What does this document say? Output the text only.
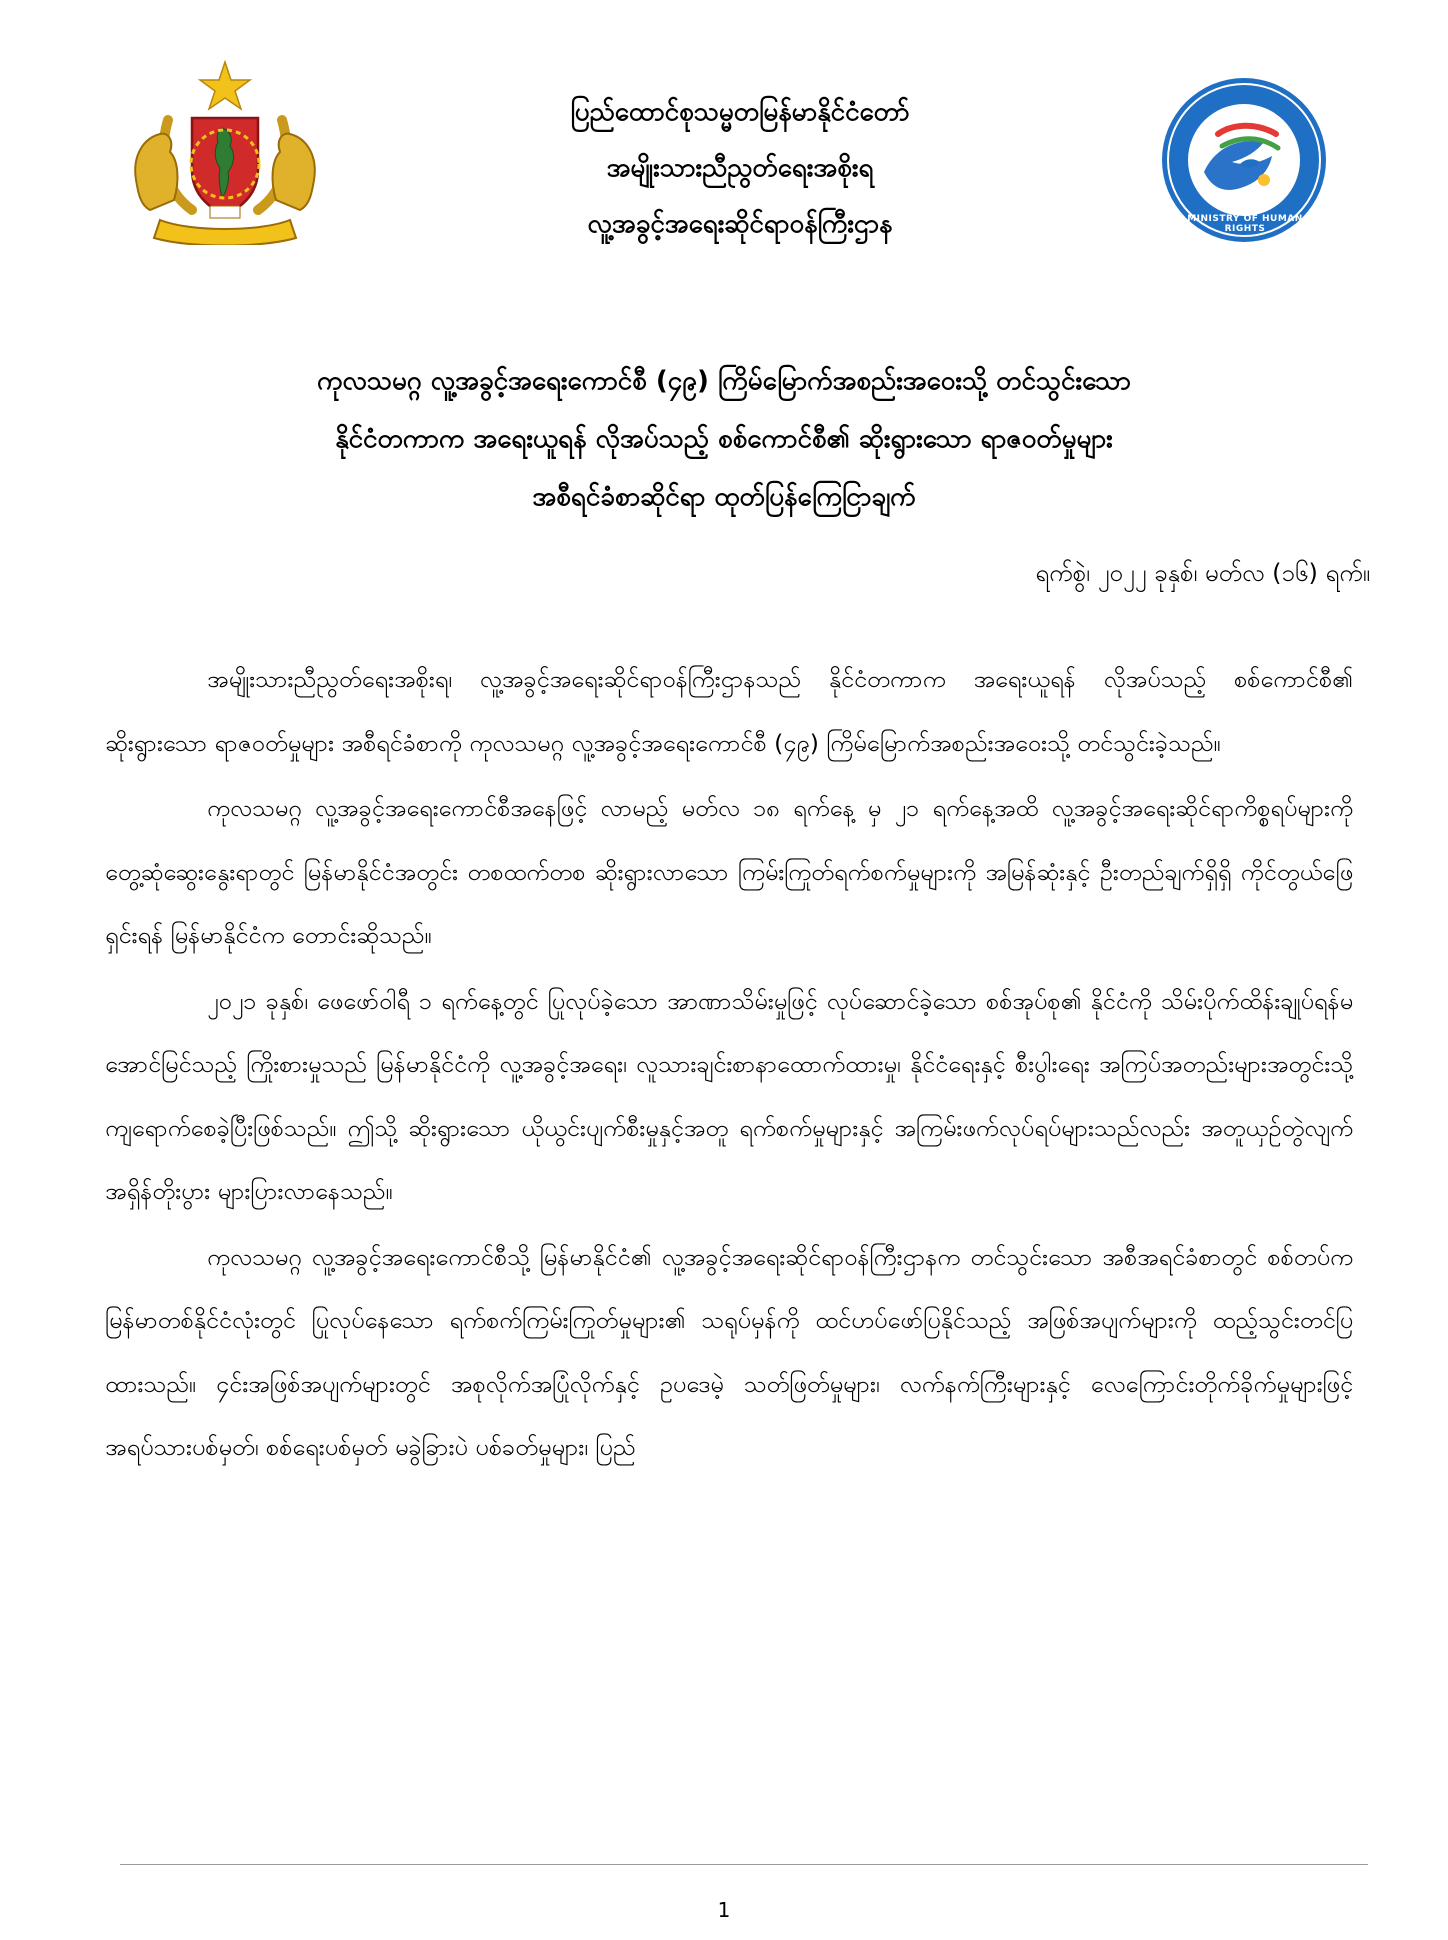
MINISTRY OF HUMAN RIGHTS
ပြည်ထောင်စုသမ္မတမြန်မာနိုင်ငံတော်
အမျိုးသားညီညွတ်ရေးအစိုးရ
လူ့အခွင့်အရေးဆိုင်ရာဝန်ကြီးဌာန
ကုလသမဂ္ဂ လူ့အခွင့်အရေးကောင်စီ (၄၉) ကြိမ်မြောက်အစည်းအဝေးသို့ တင်သွင်းသော
နိုင်ငံတကာက အရေးယူရန် လိုအပ်သည့် စစ်ကောင်စီ၏ ဆိုးရွားသော ရာဇဝတ်မှုများ
အစီရင်ခံစာဆိုင်ရာ ထုတ်ပြန်ကြေငြာချက်
ရက်စွဲ၊ ၂၀၂၂ ခုနှစ်၊ မတ်လ (၁၆) ရက်။

အမျိုးသားညီညွတ်ရေးအစိုးရ၊ လူ့အခွင့်အရေးဆိုင်ရာဝန်ကြီးဌာနသည် နိုင်ငံတကာက အရေးယူရန် လိုအပ်သည့် စစ်ကောင်စီ၏ ဆိုးရွားသော ရာဇဝတ်မှုများ အစီရင်ခံစာကို ကုလသမဂ္ဂ လူ့အခွင့်အရေးကောင်စီ (၄၉) ကြိမ်မြောက်အစည်းအဝေးသို့ တင်သွင်းခဲ့သည်။

ကုလသမဂ္ဂ လူ့အခွင့်အရေးကောင်စီအနေဖြင့် လာမည့် မတ်လ ၁၈ ရက်နေ့ မှ ၂၁ ရက်နေ့အထိ လူ့အခွင့်အရေးဆိုင်ရာကိစ္စရပ်များကို တွေ့ဆုံဆွေးနွေးရာတွင် မြန်မာနိုင်ငံအတွင်း တစထက်တစ ဆိုးရွားလာသော ကြမ်းကြုတ်ရက်စက်မှုများကို အမြန်ဆုံးနှင့် ဦးတည်ချက်ရှိရှိ ကိုင်တွယ်ဖြေရှင်းရန် မြန်မာနိုင်ငံက တောင်းဆိုသည်။

၂၀၂၁ ခုနှစ်၊ ဖေဖော်ဝါရီ ၁ ရက်နေ့တွင် ပြုလုပ်ခဲ့သော အာဏာသိမ်းမှုဖြင့် လုပ်ဆောင်ခဲ့သော စစ်အုပ်စု၏ နိုင်ငံကို သိမ်းပိုက်ထိန်းချုပ်ရန်မအောင်မြင်သည့် ကြိုးစားမှုသည် မြန်မာနိုင်ငံကို လူ့အခွင့်အရေး၊ လူသားချင်းစာနာထောက်ထားမှု၊ နိုင်ငံရေးနှင့် စီးပွါးရေး အကြပ်အတည်းများအတွင်းသို့ ကျရောက်စေခဲ့ပြီးဖြစ်သည်။ ဤသို့ ဆိုးရွားသော ယိုယွင်းပျက်စီးမှုနှင့်အတူ ရက်စက်မှုများနှင့် အကြမ်းဖက်လုပ်ရပ်များသည်လည်း အတူယှဉ်တွဲလျက် အရှိန်တိုးပွား များပြားလာနေသည်။

ကုလသမဂ္ဂ လူ့အခွင့်အရေးကောင်စီသို့ မြန်မာနိုင်ငံ၏ လူ့အခွင့်အရေးဆိုင်ရာဝန်ကြီးဌာနက တင်သွင်းသော အစီအရင်ခံစာတွင် စစ်တပ်က မြန်မာတစ်နိုင်ငံလုံးတွင် ပြုလုပ်နေသော ရက်စက်ကြမ်းကြုတ်မှုများ၏ သရုပ်မှန်ကို ထင်ဟပ်ဖော်ပြနိုင်သည့် အဖြစ်အပျက်များကို ထည့်သွင်းတင်ပြထားသည်။ ၄င်းအဖြစ်အပျက်များတွင် အစုလိုက်အပြုံလိုက်နှင့် ဥပဒေမဲ့ သတ်ဖြတ်မှုများ၊ လက်နက်ကြီးများနှင့် လေကြောင်းတိုက်ခိုက်မှုများဖြင့် အရပ်သားပစ်မှတ်၊ စစ်ရေးပစ်မှတ် မခွဲခြားပဲ ပစ်ခတ်မှုများ၊ ပြည်

1
